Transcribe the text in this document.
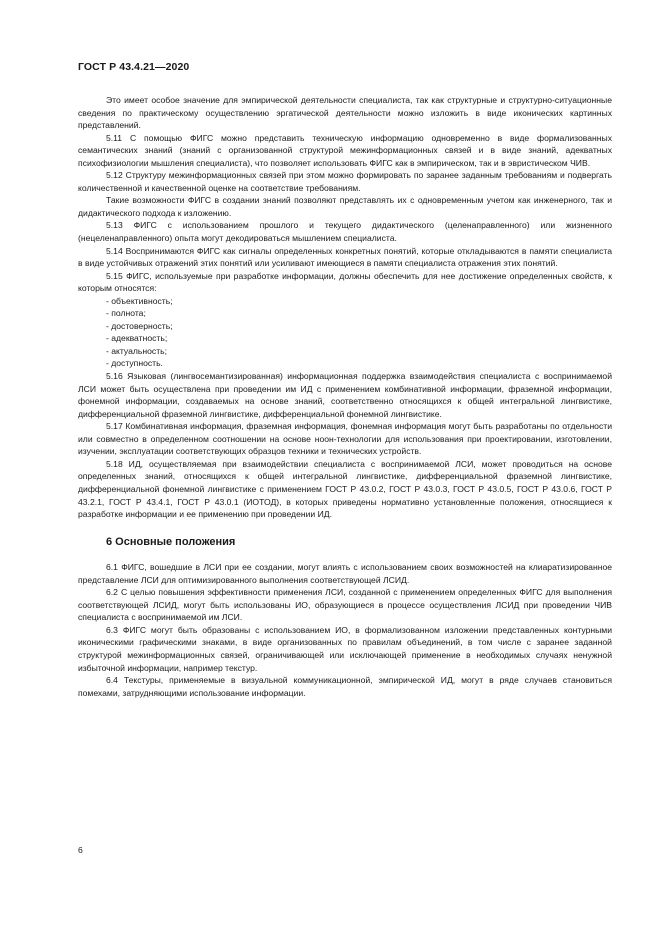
ГОСТ Р 43.4.21—2020

Это имеет особое значение для эмпирической деятельности специалиста, так как структурные и структурно-ситуационные сведения по практическому осуществлению эргатической деятельности можно изложить в виде иконических картинных представлений.

5.11 С помощью ФИГС можно представить техническую информацию одновременно в виде формализованных семантических знаний (знаний с организованной структурой межинформационных связей и в виде знаний, адекватных психофизиологии мышления специалиста), что позволяет использовать ФИГС как в эмпирическом, так и в эвристическом ЧИВ.

5.12 Структуру межинформационных связей при этом можно формировать по заранее заданным требованиям и подвергать количественной и качественной оценке на соответствие требованиям.

Такие возможности ФИГС в создании знаний позволяют представлять их с одновременным учетом как инженерного, так и дидактического подхода к изложению.

5.13 ФИГС с использованием прошлого и текущего дидактического (целенаправленного) или жизненного (нецеленаправленного) опыта могут декодироваться мышлением специалиста.

5.14 Воспринимаются ФИГС как сигналы определенных конкретных понятий, которые откладываются в памяти специалиста в виде устойчивых отражений этих понятий или усиливают имеющиеся в памяти специалиста отражения этих понятий.

5.15 ФИГС, используемые при разработке информации, должны обеспечить для нее достижение определенных свойств, к которым относятся:

- объективность;

- полнота;

- достоверность;

- адекватность;

- актуальность;

- доступность.

5.16 Языковая (лингвосемантизированная) информационная поддержка взаимодействия специалиста с воспринимаемой ЛСИ может быть осуществлена при проведении им ИД с применением комбинативной информации, фраземной информации, фонемной информации, создаваемых на основе знаний, соответственно относящихся к общей интегральной лингвистике, дифференциальной фраземной лингвистике, дифференциальной фонемной лингвистике.

5.17 Комбинативная информация, фраземная информация, фонемная информация могут быть разработаны по отдельности или совместно в определенном соотношении на основе ноон-технологии для использования при проектировании, изготовлении, изучении, эксплуатации соответствующих образцов техники и технических устройств.

5.18 ИД, осуществляемая при взаимодействии специалиста с воспринимаемой ЛСИ, может проводиться на основе определенных знаний, относящихся к общей интегральной лингвистике, дифференциальной фраземной лингвистике, дифференциальной фонемной лингвистике с применением ГОСТ Р 43.0.2, ГОСТ Р 43.0.3, ГОСТ Р 43.0.5, ГОСТ Р 43.0.6, ГОСТ Р 43.2.1, ГОСТ Р 43.4.1, ГОСТ Р 43.0.1 (ИОТОД), в которых приведены нормативно установленные положения, относящиеся к разработке информации и ее применению при проведении ИД.

6 Основные положения

6.1 ФИГС, вошедшие в ЛСИ при ее создании, могут влиять с использованием своих возможностей на клиаратизированное представление ЛСИ для оптимизированного выполнения соответствующей ЛСИД.

6.2 С целью повышения эффективности применения ЛСИ, созданной с применением определенных ФИГС для выполнения соответствующей ЛСИД, могут быть использованы ИО, образующиеся в процессе осуществления ЛСИД при проведении ЧИВ специалиста с воспринимаемой им ЛСИ.

6.3 ФИГС могут быть образованы с использованием ИО, в формализованном изложении представленных контурными иконическими графическими знаками, в виде организованных по правилам объединений, в том числе с заранее заданной структурой межинформационных связей, ограничивающей или исключающей применение в необходимых случаях ненужной избыточной информации, например текстур.

6.4 Текстуры, применяемые в визуальной коммуникационной, эмпирической ИД, могут в ряде случаев становиться помехами, затрудняющими использование информации.

6
